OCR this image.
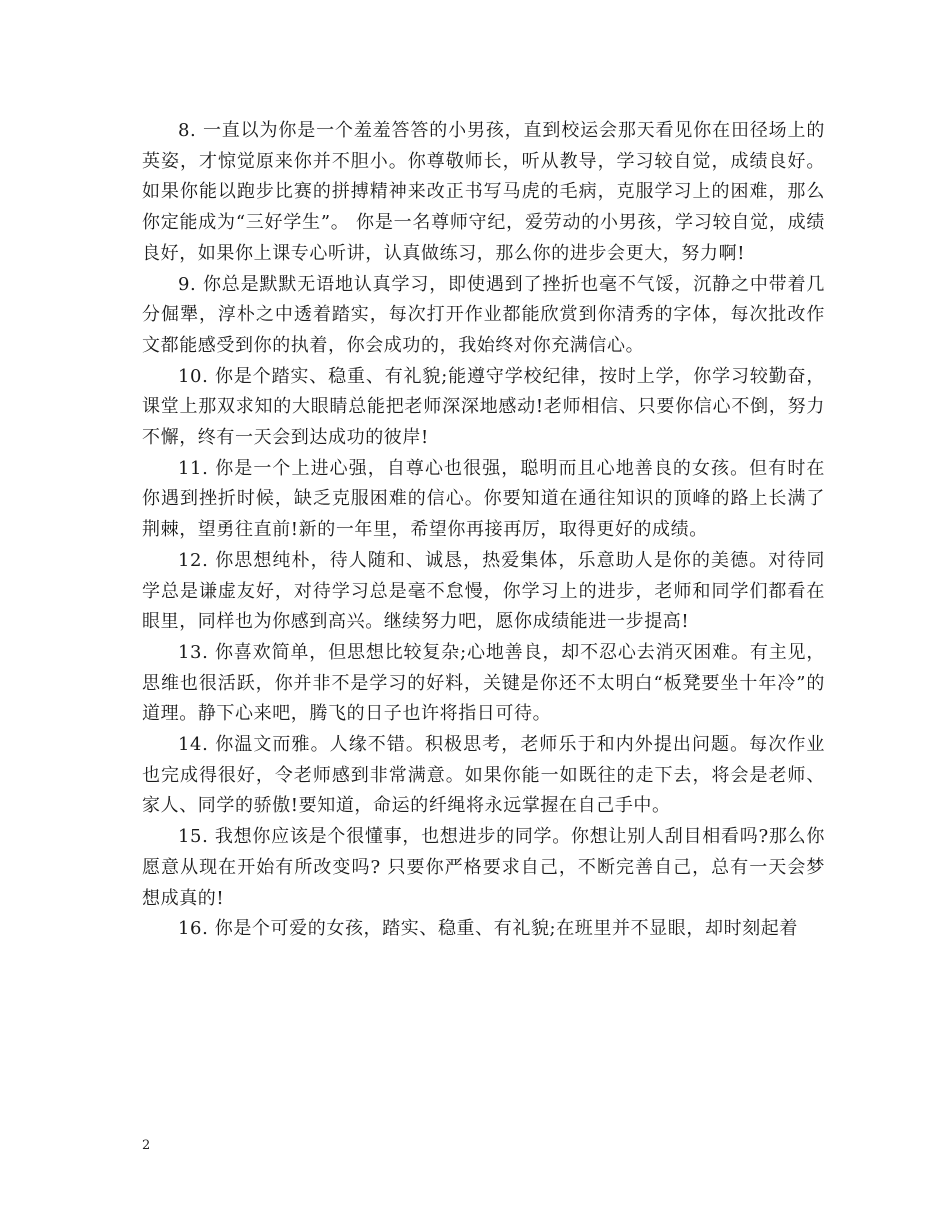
8. 一直以为你是一个羞羞答答的小男孩，直到校运会那天看见你在田径场上的英姿，才惊觉原来你并不胆小。你尊敬师长，听从教导，学习较自觉，成绩良好。如果你能以跑步比赛的拼搏精神来改正书写马虎的毛病，克服学习上的困难，那么你定能成为“三好学生”。 你是一名尊师守纪，爱劳动的小男孩，学习较自觉，成绩良好，如果你上课专心听讲，认真做练习，那么你的进步会更大，努力啊!

9. 你总是默默无语地认真学习，即使遇到了挫折也毫不气馁，沉静之中带着几分倔犟，淳朴之中透着踏实，每次打开作业都能欣赏到你清秀的字体，每次批改作文都能感受到你的执着，你会成功的，我始终对你充满信心。

10. 你是个踏实、稳重、有礼貌;能遵守学校纪律，按时上学，你学习较勤奋，课堂上那双求知的大眼睛总能把老师深深地感动!老师相信、只要你信心不倒，努力不懈，终有一天会到达成功的彼岸!

11. 你是一个上进心强，自尊心也很强，聪明而且心地善良的女孩。但有时在你遇到挫折时候，缺乏克服困难的信心。你要知道在通往知识的顶峰的路上长满了荆棘，望勇往直前!新的一年里，希望你再接再厉，取得更好的成绩。

12. 你思想纯朴，待人随和、诚恳，热爱集体，乐意助人是你的美德。对待同学总是谦虚友好，对待学习总是毫不怠慢，你学习上的进步，老师和同学们都看在眼里，同样也为你感到高兴。继续努力吧，愿你成绩能进一步提高!

13. 你喜欢简单，但思想比较复杂;心地善良，却不忍心去消灭困难。有主见，思维也很活跃，你并非不是学习的好料，关键是你还不太明白“板凳要坐十年冷”的道理。静下心来吧，腾飞的日子也许将指日可待。

14. 你温文而雅。人缘不错。积极思考，老师乐于和内外提出问题。每次作业也完成得很好，令老师感到非常满意。如果你能一如既往的走下去，将会是老师、家人、同学的骄傲!要知道，命运的纤绳将永远掌握在自己手中。

15. 我想你应该是个很懂事，也想进步的同学。你想让别人刮目相看吗?那么你愿意从现在开始有所改变吗? 只要你严格要求自己，不断完善自己，总有一天会梦想成真的!

16. 你是个可爱的女孩，踏实、稳重、有礼貌;在班里并不显眼，却时刻起着

2
